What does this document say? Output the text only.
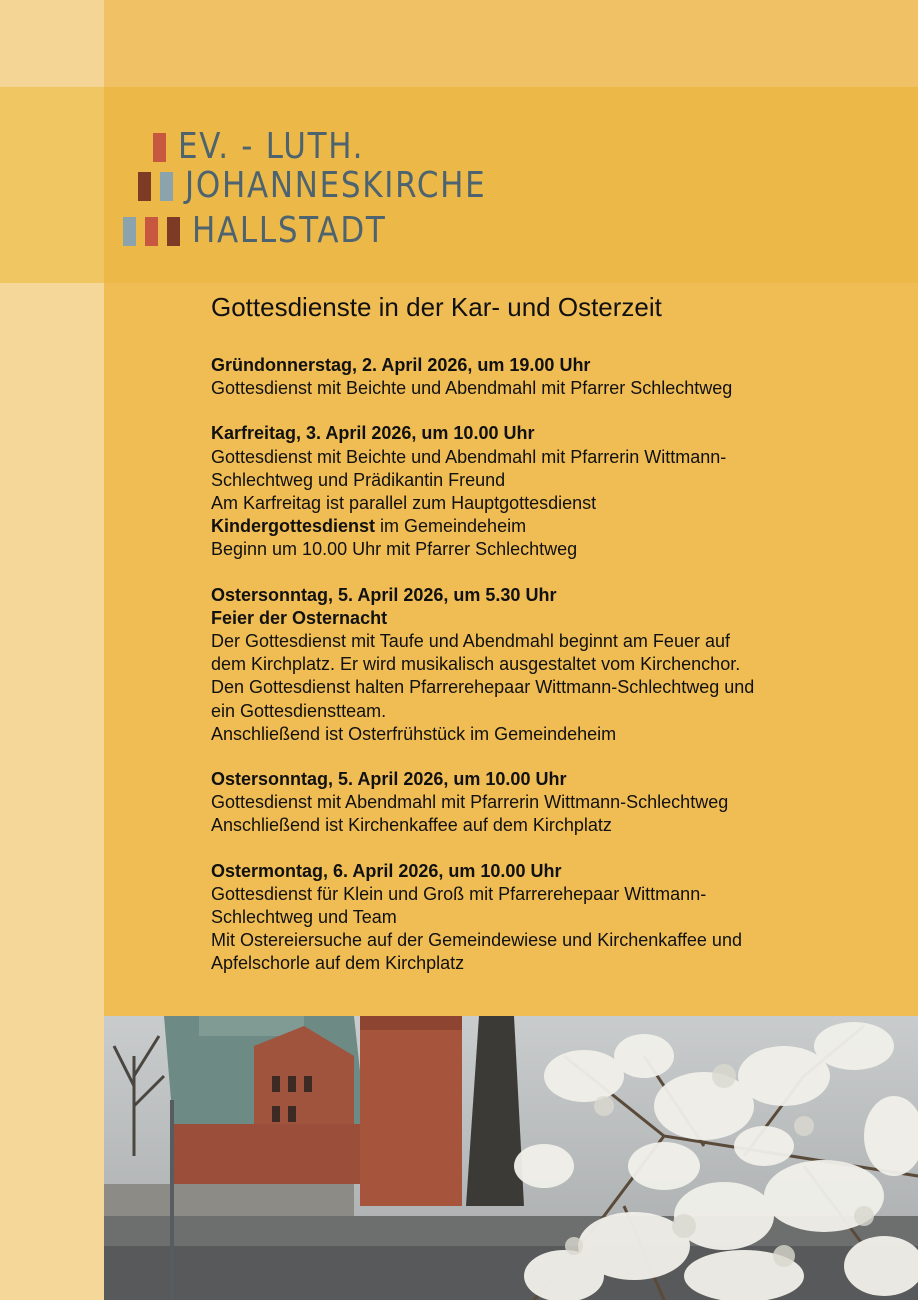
EV. - LUTH.
JOHANNESKIRCHE
HALLSTADT
Gottesdienste in der Kar- und Osterzeit

Gründonnerstag, 2. April 2026, um 19.00 Uhr

Gottesdienst mit Beichte und Abendmahl mit Pfarrer Schlechtweg

Karfreitag, 3. April 2026, um 10.00 Uhr

Gottesdienst mit Beichte und Abendmahl mit Pfarrerin Wittmann-

Schlechtweg und Prädikantin Freund

Am Karfreitag ist parallel zum Hauptgottesdienst

Kindergottesdienst im Gemeindeheim

Beginn um 10.00 Uhr mit Pfarrer Schlechtweg

Ostersonntag, 5. April 2026, um 5.30 Uhr

Feier der Osternacht

Der Gottesdienst mit Taufe und Abendmahl beginnt am Feuer auf

dem Kirchplatz. Er wird musikalisch ausgestaltet vom Kirchenchor.

Den Gottesdienst halten Pfarrerehepaar Wittmann-Schlechtweg und

ein Gottesdienstteam.

Anschließend ist Osterfrühstück im Gemeindeheim

Ostersonntag, 5. April 2026, um 10.00 Uhr

Gottesdienst mit Abendmahl mit Pfarrerin Wittmann-Schlechtweg

Anschließend ist Kirchenkaffee auf dem Kirchplatz

Ostermontag, 6. April 2026, um 10.00 Uhr

Gottesdienst für Klein und Groß mit Pfarrerehepaar Wittmann-

Schlechtweg und Team

Mit Ostereiersuche auf der Gemeindewiese und Kirchenkaffee und

Apfelschorle auf dem Kirchplatz
